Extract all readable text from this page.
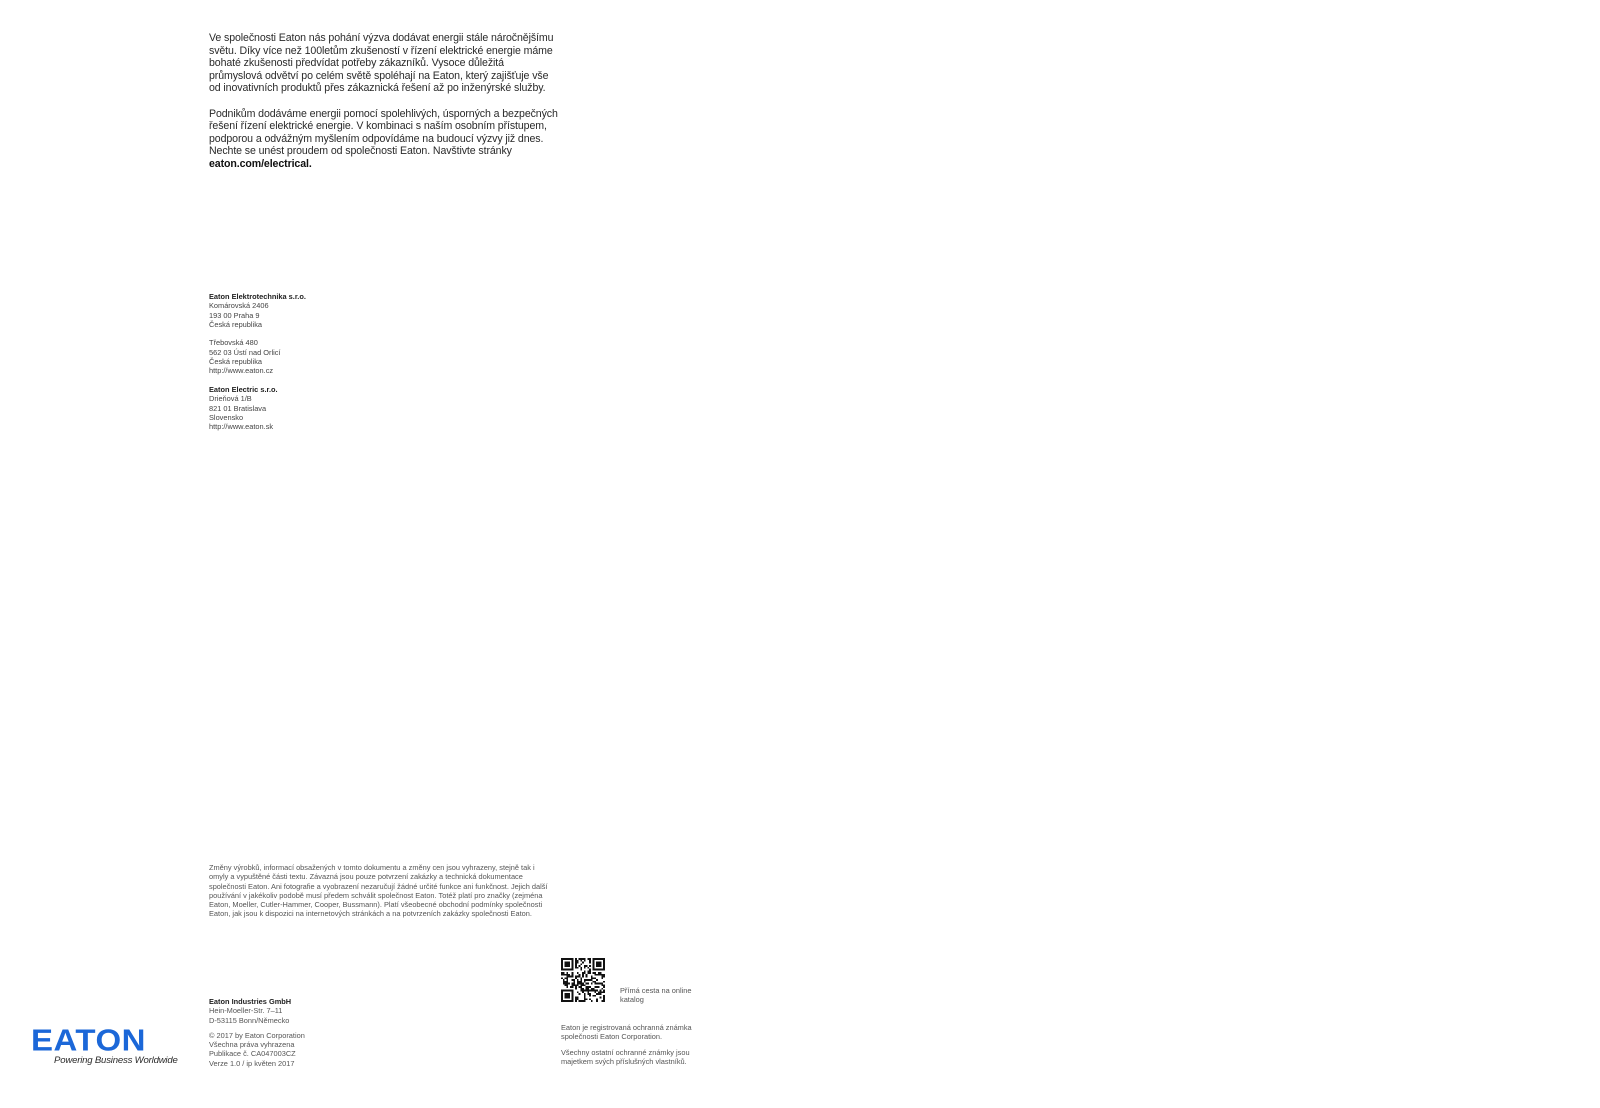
Ve společnosti Eaton nás pohání výzva dodávat energii stále náročnějšímu světu. Díky více než 100letům zkušeností v řízení elektrické energie máme bohaté zkušenosti předvídat potřeby zákazníků. Vysoce důležitá průmyslová odvětví po celém světě spoléhají na Eaton, který zajišťuje vše od inovativních produktů přes zákaznická řešení až po inženýrské služby.

Podnikům dodáváme energii pomocí spolehlivých, úsporných a bezpečných řešení řízení elektrické energie. V kombinaci s naším osobním přístupem, podporou a odvážným myšlením odpovídáme na budoucí výzvy již dnes. Nechte se unést proudem od společnosti Eaton. Navštivte stránky eaton.com/electrical.

Eaton Elektrotechnika s.r.o.
Komárovská 2406
193 00 Praha 9
Česká republika
Třebovská 480
562 03 Ústí nad Orlicí
Česká republika
http://www.eaton.cz
Eaton Electric s.r.o.
Drieňová 1/B
821 01 Bratislava
Slovensko
http://www.eaton.sk
Změny výrobků, informací obsažených v tomto dokumentu a změny cen jsou vyhrazeny, stejně tak i omyly a vypuštěné části textu. Závazná jsou pouze potvrzení zakázky a technická dokumentace společnosti Eaton. Ani fotografie a vyobrazení nezaručují žádné určité funkce ani funkčnost. Jejich další používání v jakékoliv podobě musí předem schválit společnost Eaton. Totéž platí pro značky (zejména Eaton, Moeller, Cutler-Hammer, Cooper, Bussmann). Platí všeobecné obchodní podmínky společnosti Eaton, jak jsou k dispozici na internetových stránkách a na potvrzeních zakázky společnosti Eaton.
Eaton Industries GmbH
Hein-Moeller-Str. 7–11
D-53115 Bonn/Německo
© 2017 by Eaton Corporation
Všechna práva vyhrazena
Publikace č. CA047003CZ
Verze 1.0 / ip květen 2017
Přímá cesta na online katalog

Eaton je registrovaná ochranná známka společnosti Eaton Corporation.

Všechny ostatní ochranné známky jsou majetkem svých příslušných vlastníků.

EATON
Powering Business Worldwide
